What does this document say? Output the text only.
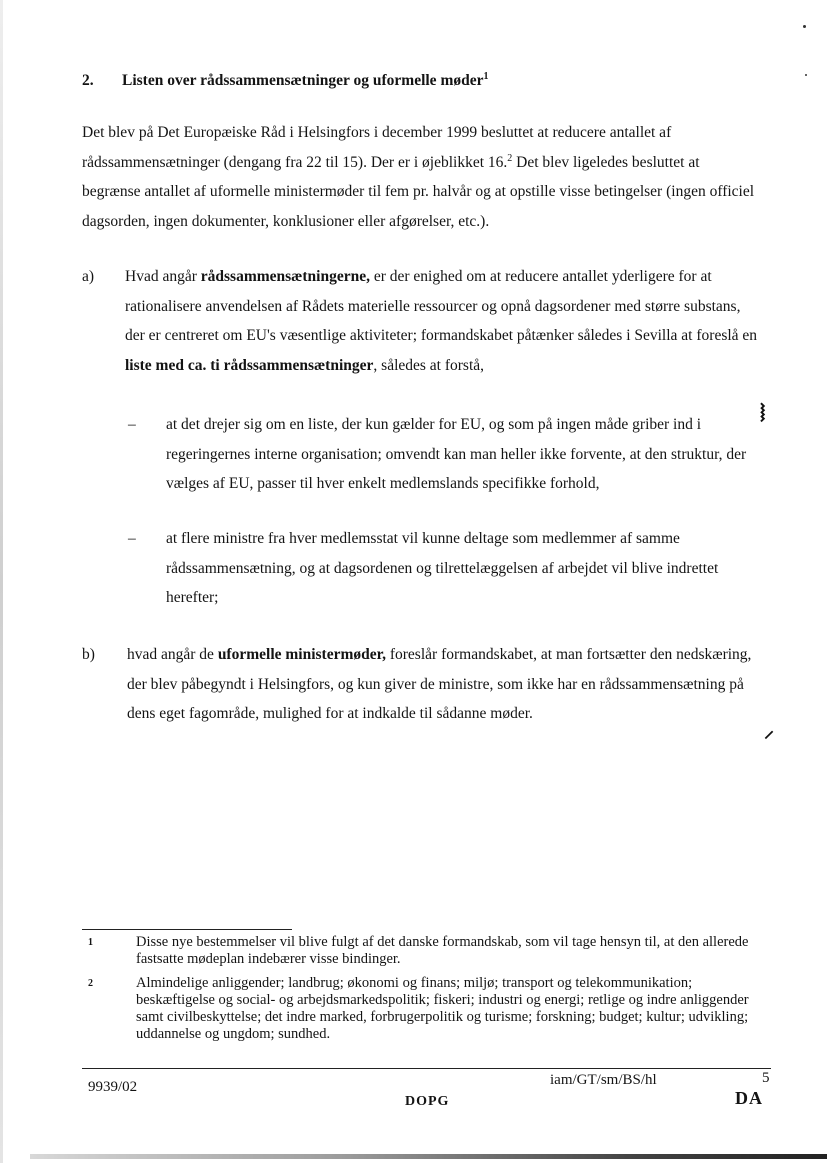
2. Listen over rådssammensætninger og uformelle møder$^1$
Det blev på Det Europæiske Råd i Helsingfors i december 1999 besluttet at reducere antallet af rådssammensætninger (dengang fra 22 til 15). Der er i øjeblikket 16.$^2$ Det blev ligeledes besluttet at begrænse antallet af uformelle ministermøder til fem pr. halvår og at opstille visse betingelser (ingen officiel dagsorden, ingen dokumenter, konklusioner eller afgørelser, etc.).
a) Hvad angår rådssammensætningerne, er der enighed om at reducere antallet yderligere for at rationalisere anvendelsen af Rådets materielle ressourcer og opnå dagsordener med større substans, der er centreret om EU's væsentlige aktiviteter; formandskabet påtænker således i Sevilla at foreslå en liste med ca. ti rådssammensætninger, således at forstå,
– at det drejer sig om en liste, der kun gælder for EU, og som på ingen måde griber ind i regeringernes interne organisation; omvendt kan man heller ikke forvente, at den struktur, der vælges af EU, passer til hver enkelt medlemslands specifikke forhold,
– at flere ministre fra hver medlemsstat vil kunne deltage som medlemmer af samme rådssammensætning, og at dagsordenen og tilrettelæggelsen af arbejdet vil blive indrettet herefter;
b) hvad angår de uformelle ministermøder, foreslår formandskabet, at man fortsætter den nedskæring, der blev påbegyndt i Helsingfors, og kun giver de ministre, som ikke har en rådssammensætning på dens eget fagområde, mulighed for at indkalde til sådanne møder.
1	Disse nye bestemmelser vil blive fulgt af det danske formandskab, som vil tage hensyn til, at den allerede fastsatte mødeplan indebærer visse bindinger.
2	Almindelige anliggender; landbrug; økonomi og finans; miljø; transport og telekommunikation; beskæftigelse og social- og arbejdsmarkedspolitik; fiskeri; industri og energi; retlige og indre anliggender samt civilbeskyttelse; det indre marked, forbrugerpolitik og turisme; forskning; budget; kultur; udvikling; uddannelse og ungdom; sundhed.
9939/02	iam/GT/sm/BS/hl	5
DOPG	DA
⧘
⸝
